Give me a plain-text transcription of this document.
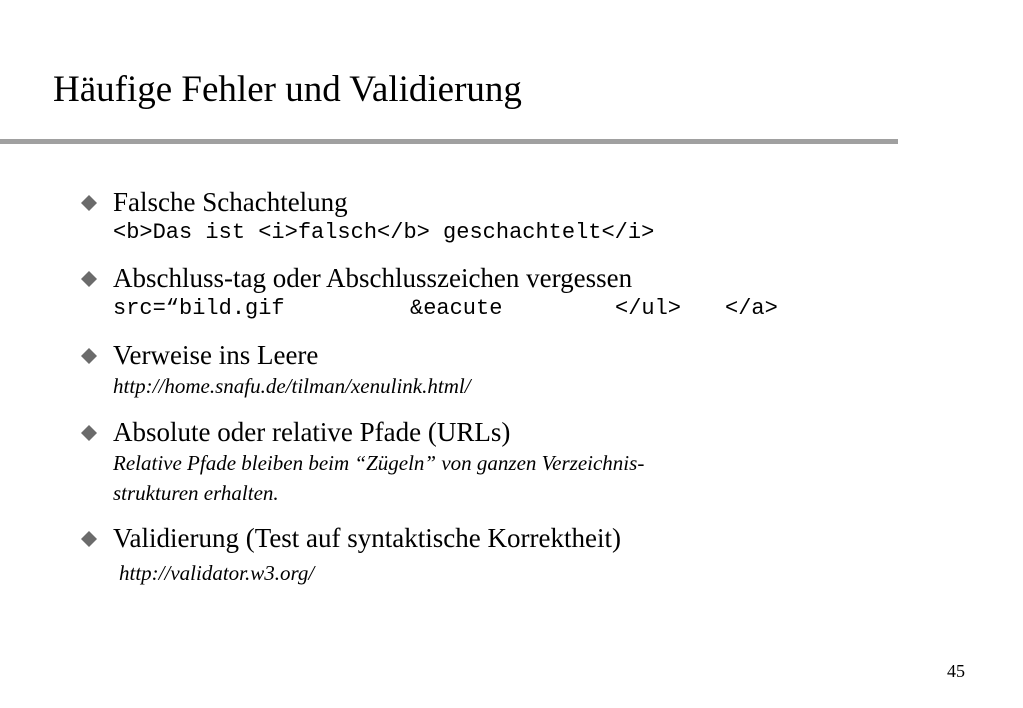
Häufige Fehler und Validierung
Falsche Schachtelung
<b>Das ist <i>falsch</b> geschachtelt</i>
Abschluss-tag oder Abschlusszeichen vergessen
src=“bild.gif	&eacute	</ul>	</a>
Verweise ins Leere
http://home.snafu.de/tilman/xenulink.html/
Absolute oder relative Pfade (URLs)
Relative Pfade bleiben beim “Zügeln” von ganzen Verzeichnis-
strukturen erhalten.
Validierung (Test auf syntaktische Korrektheit)
http://validator.w3.org/
45
